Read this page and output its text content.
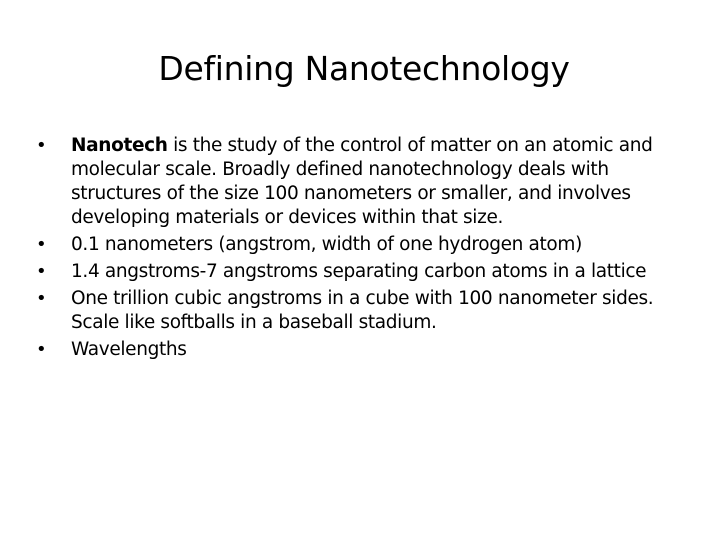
Defining Nanotechnology
•	Nanotech is the study of the control of matter on an atomic and molecular scale. Broadly defined nanotechnology deals with structures of the size 100 nanometers or smaller, and involves developing materials or devices within that size.
•	0.1 nanometers (angstrom, width of one hydrogen atom)
•	1.4 angstroms-7 angstroms separating carbon atoms in a lattice
•	One trillion cubic angstroms in a cube with 100 nanometer sides. Scale like softballs in a baseball stadium.
•	Wavelengths
